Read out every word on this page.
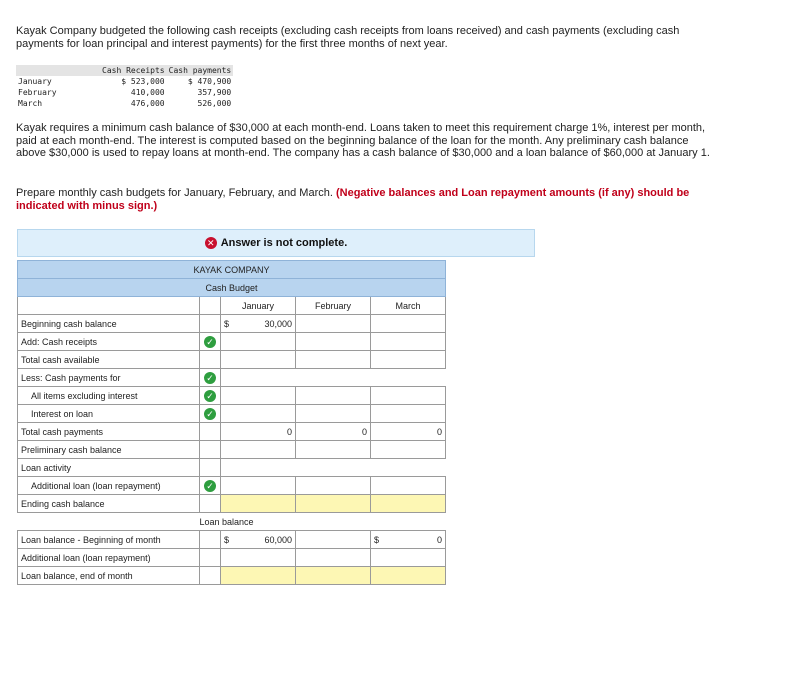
Kayak Company budgeted the following cash receipts (excluding cash receipts from loans received) and cash payments (excluding cash payments for loan principal and interest payments) for the first three months of next year.
	Cash Receipts	Cash payments
January	$ 523,000	$ 470,900
February	410,000	357,900
March	476,000	526,000
Kayak requires a minimum cash balance of $30,000 at each month-end. Loans taken to meet this requirement charge 1%, interest per month, paid at each month-end. The interest is computed based on the beginning balance of the loan for the month. Any preliminary cash balance above $30,000 is used to repay loans at month-end. The company has a cash balance of $30,000 and a loan balance of $60,000 at January 1.
Prepare monthly cash budgets for January, February, and March. (Negative balances and Loan repayment amounts (if any) should be indicated with minus sign.)
✕ Answer is not complete.
KAYAK COMPANY				
Cash Budget				
		January	February	March
Beginning cash balance		$ 30,000		
Add: Cash receipts	✓			
Total cash available				
Less: Cash payments for	✓			
All items excluding interest	✓			
Interest on loan	✓			
Total cash payments		0	0	0
Preliminary cash balance				
Loan activity				
Additional loan (loan repayment)	✓			
Ending cash balance				
	Loan balance			
Loan balance - Beginning of month		$ 60,000		$ 0
Additional loan (loan repayment)				
Loan balance, end of month				
